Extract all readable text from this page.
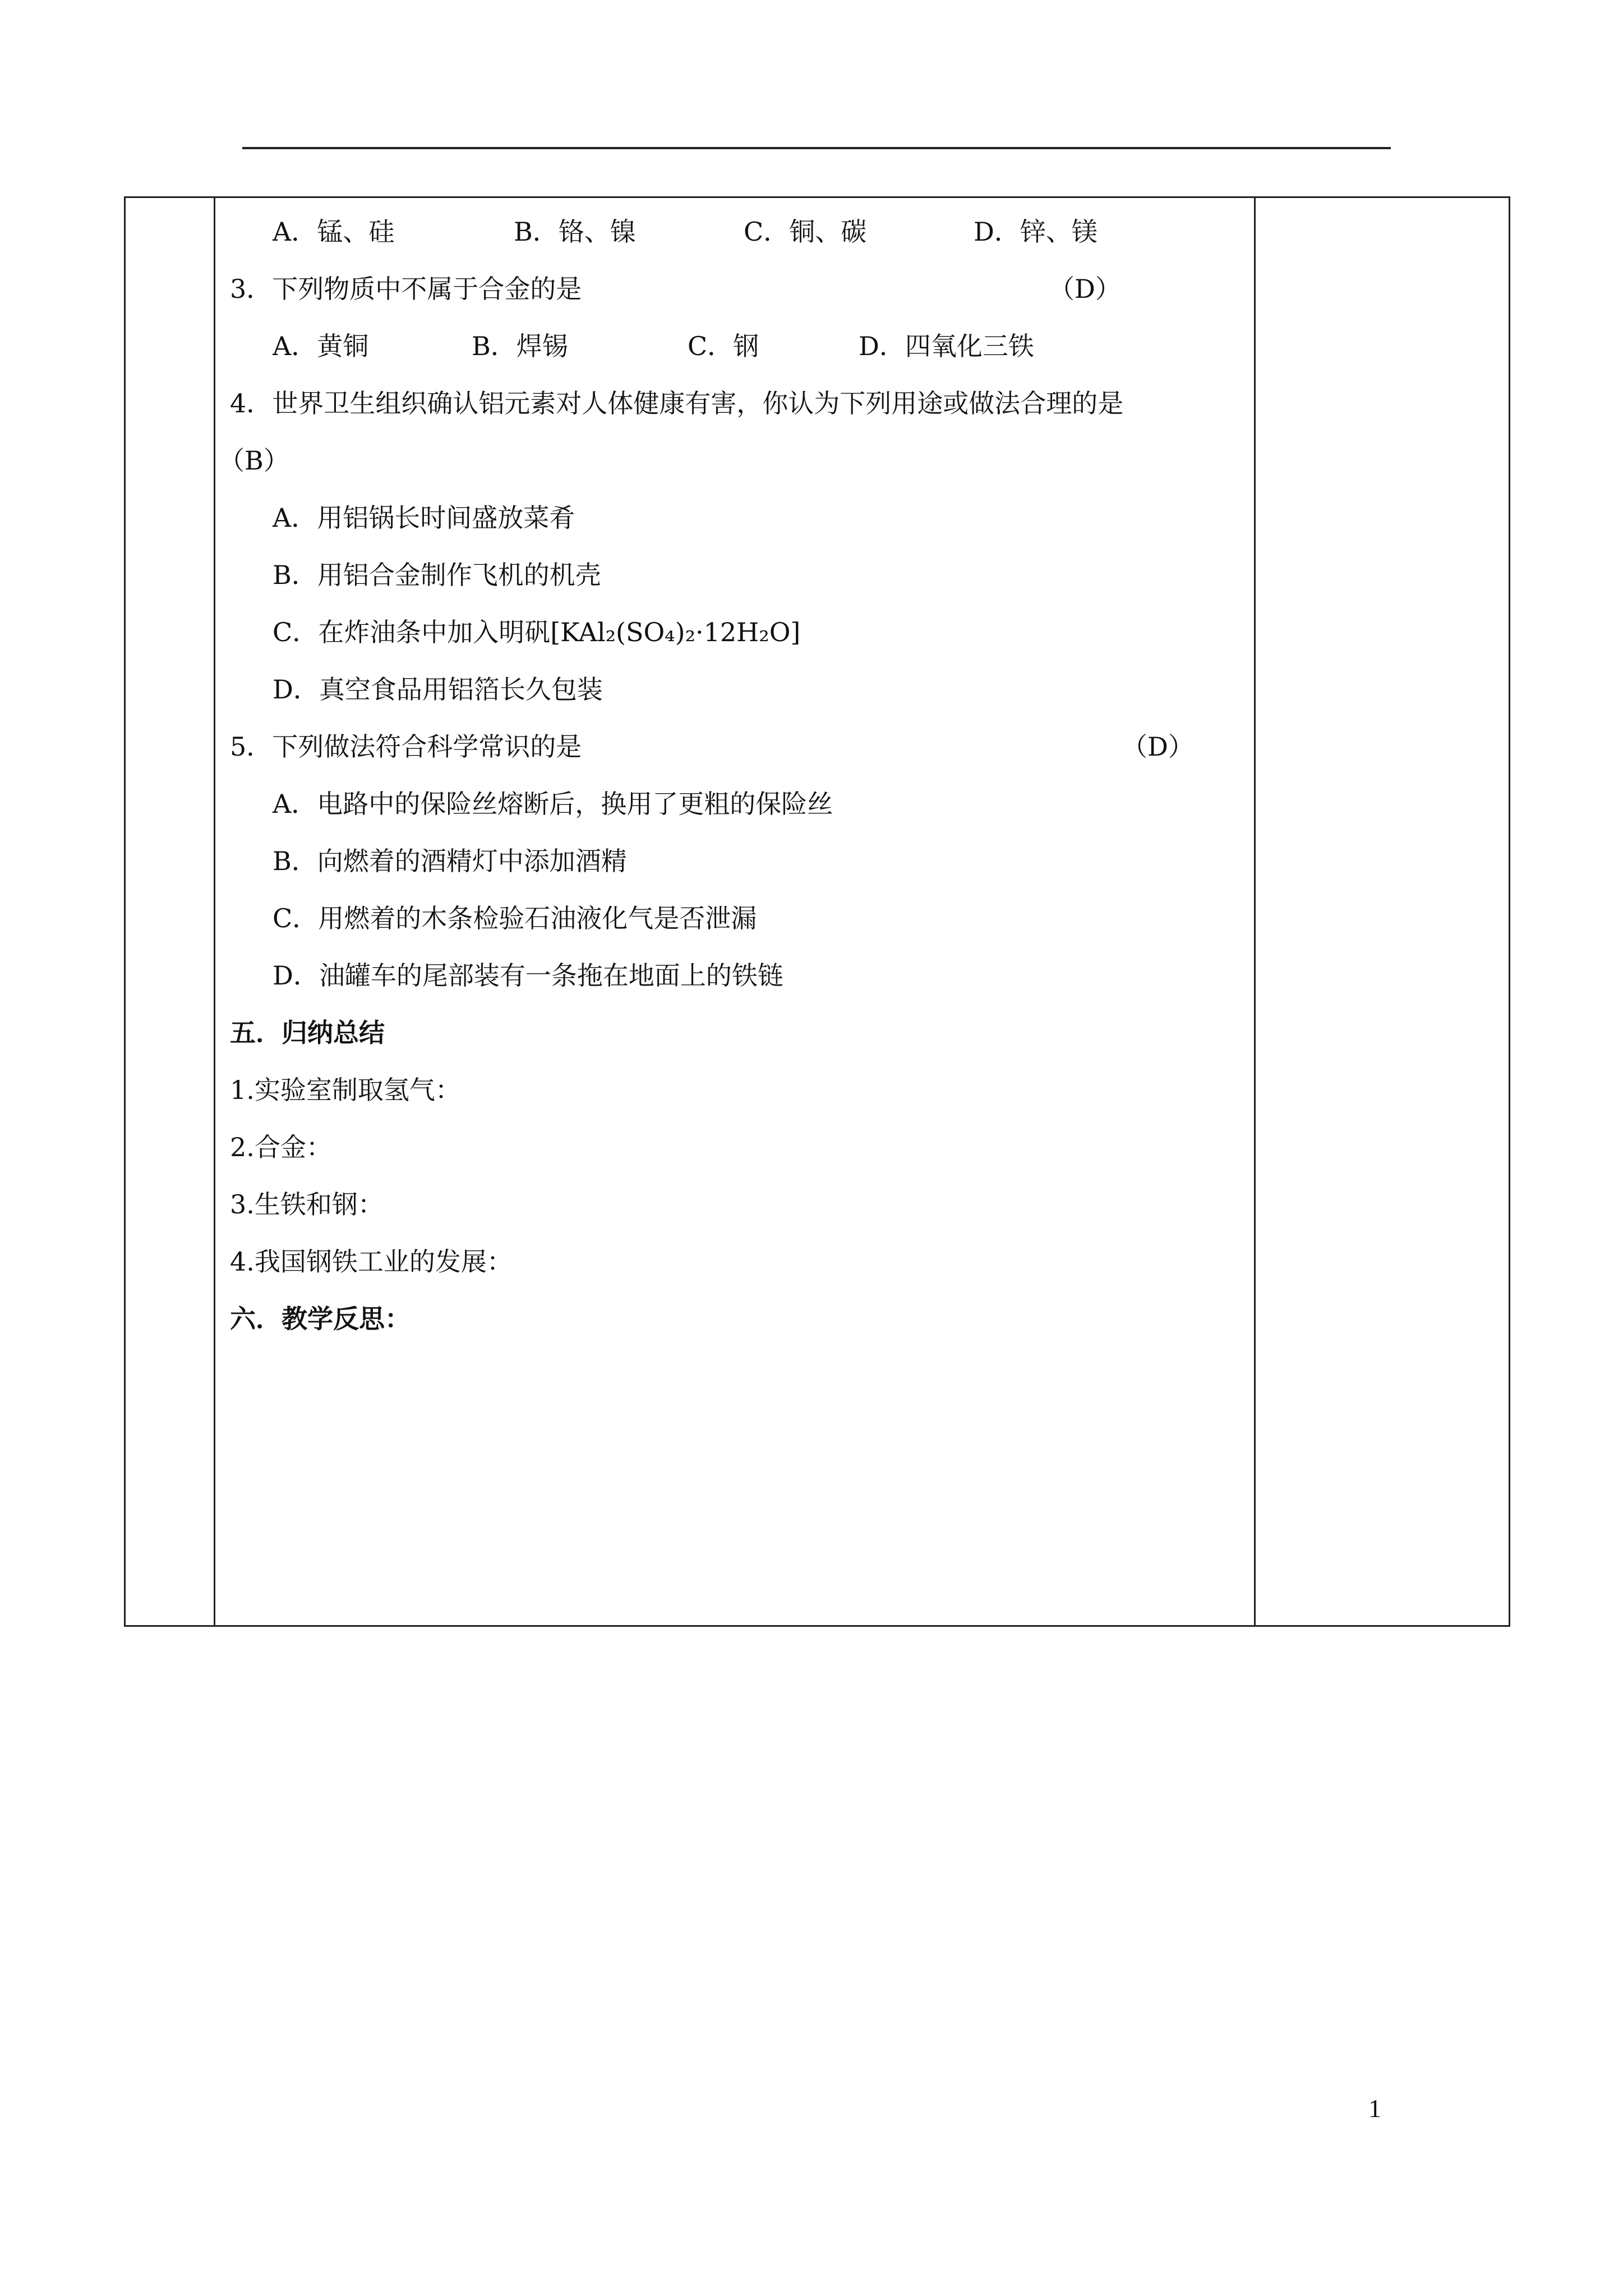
A．锰、硅	B．铬、镍	C．铜、碳	D．锌、镁
3．下列物质中不属于合金的是	（D）
A．黄铜	B．焊锡	C．钢	D．四氧化三铁
4．世界卫生组织确认铝元素对人体健康有害，你认为下列用途或做法合理的是
（B）
A．用铝锅长时间盛放菜肴
B．用铝合金制作飞机的机壳
C．在炸油条中加入明矾[KAl₂(SO₄)₂·12H₂O]
D．真空食品用铝箔长久包装
5．下列做法符合科学常识的是	（D）
A．电路中的保险丝熔断后，换用了更粗的保险丝
B．向燃着的酒精灯中添加酒精
C．用燃着的木条检验石油液化气是否泄漏
D．油罐车的尾部装有一条拖在地面上的铁链
五．归纳总结
1.实验室制取氢气：
2.合金：
3.生铁和钢：
4.我国钢铁工业的发展：
六．教学反思：
1
